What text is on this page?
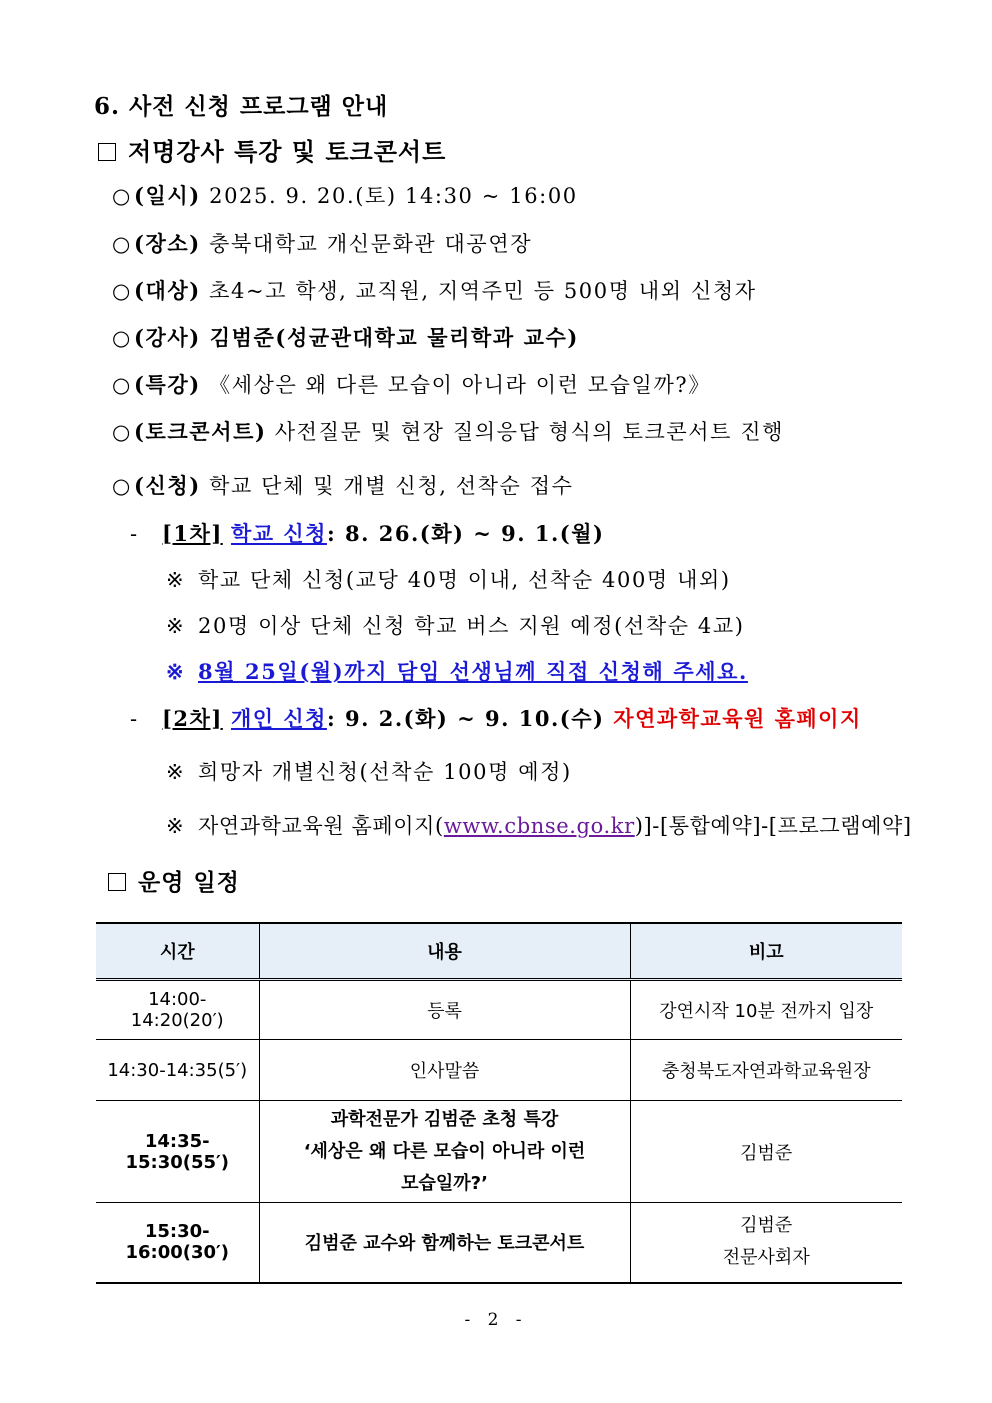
6. 사전 신청 프로그램 안내
저명강사 특강 및 토크콘서트
○(일시) 2025. 9. 20.(토) 14:30 ~ 16:00
○(장소) 충북대학교 개신문화관 대공연장
○(대상) 초4~고 학생, 교직원, 지역주민 등 500명 내외 신청자
○(강사) 김범준(성균관대학교 물리학과 교수)
○(특강) 《세상은 왜 다른 모습이 아니라 이런 모습일까?》
○(토크콘서트) 사전질문 및 현장 질의응답 형식의 토크콘서트 진행
○(신청) 학교 단체 및 개별 신청, 선착순 접수
- [1차] 학교 신청: 8. 26.(화) ~ 9. 1.(월)
※ 학교 단체 신청(교당 40명 이내, 선착순 400명 내외)
※ 20명 이상 단체 신청 학교 버스 지원 예정(선착순 4교)
※ 8월 25일(월)까지 담임 선생님께 직접 신청해 주세요.
- [2차] 개인 신청: 9. 2.(화) ~ 9. 10.(수) 자연과학교육원 홈페이지
※ 희망자 개별신청(선착순 100명 예정)
※ 자연과학교육원 홈페이지(www.cbnse.go.kr)]-[통합예약]-[프로그램예약]
운영 일정
시간	내용	비고
14:00-14:20(20′)	등록	강연시작 10분 전까지 입장
14:30-14:35(5′)	인사말씀	충청북도자연과학교육원장
14:35-15:30(55′)	과학전문가 김범준 초청 특강
‘세상은 왜 다른 모습이 아니라 이런
모습일까?’	김범준
15:30-16:00(30′)	김범준 교수와 함께하는 토크콘서트	김범준
전문사회자
- 2 -
